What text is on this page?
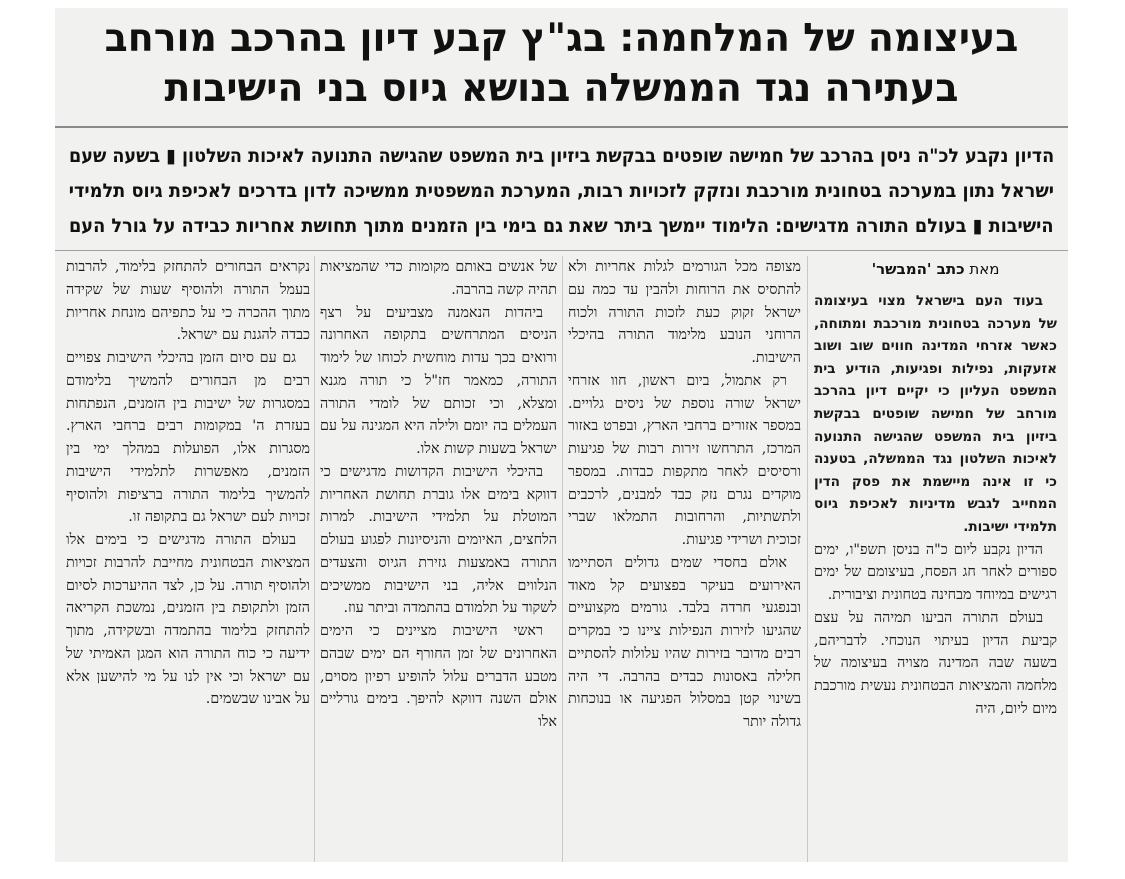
בעיצומה של המלחמה: בג"ץ קבע דיון בהרכב מורחב
בעתירה נגד הממשלה בנושא גיוס בני הישיבות
הדיון נקבע לכ"ה ניסן בהרכב של חמישה שופטים בבקשת ביזיון בית המשפט שהגישה התנועה לאיכות השלטון ▮ בשעה שעם
ישראל נתון במערכה בטחונית מורכבת ונזקק לזכויות רבות, המערכת המשפטית ממשיכה לדון בדרכים לאכיפת גיוס תלמידי
הישיבות ▮ בעולם התורה מדגישים: הלימוד יימשך ביתר שאת גם בימי בין הזמנים מתוך תחושת אחריות כבידה על גורל העם
מאת כתב 'המבשר'

בעוד העם בישראל מצוי בעיצומה של מערכה בטחונית מורכבת ומתוחה, כאשר אזרחי המדינה חווים שוב ושוב אזעקות, נפילות ופגיעות, הודיע בית המשפט העליון כי יקיים דיון בהרכב מורחב של חמישה שופטים בבקשת ביזיון בית המשפט שהגישה התנועה לאיכות השלטון נגד הממשלה, בטענה כי זו אינה מיישמת את פסק הדין המחייב לגבש מדיניות לאכיפת גיוס תלמידי ישיבות.

הדיון נקבע ליום כ"ה בניסן תשפ"ו, ימים ספורים לאחר חג הפסח, בעיצומם של ימים רגישים במיוחד מבחינה בטחונית וציבורית.

בעולם התורה הביעו תמיהה על עצם קביעת הדיון בעיתוי הנוכחי. לדבריהם, בשעה שבה המדינה מצויה בעיצומה של מלחמה והמציאות הבטחונית נעשית מורכבת מיום ליום, היה

מצופה מכל הגורמים לגלות אחריות ולא להתסיס את הרוחות ולהבין עד כמה עם ישראל זקוק כעת לזכות התורה ולכוח הרוחני הנובע מלימוד התורה בהיכלי הישיבות.

רק אתמול, ביום ראשון, חוו אזרחי ישראל שורה נוספת של ניסים גלויים. במספר אזורים ברחבי הארץ, ובפרט באזור המרכז, התרחשו זירות רבות של פגיעות ורסיסים לאחר מתקפות כבדות. במספר מוקדים נגרם נזק כבד למבנים, לרכבים ולתשתיות, והרחובות התמלאו שברי זכוכית ושרידי פגיעות.

אולם בחסדי שמים גדולים הסתיימו האירועים בעיקר בפצועים קל מאוד ובנפגעי חרדה בלבד. גורמים מקצועיים שהגיעו לזירות הנפילות ציינו כי במקרים רבים מדובר בזירות שהיו עלולות להסתיים חלילה באסונות כבדים בהרבה. די היה בשינוי קטן במסלול הפגיעה או בנוכחות גדולה יותר

של אנשים באותם מקומות כדי שהמציאות תהיה קשה בהרבה.

ביהדות הנאמנה מצביעים על רצף הניסים המתרחשים בתקופה האחרונה ורואים בכך עדות מוחשית לכוחו של לימוד התורה, כמאמר חז"ל כי תורה מגנא ומצלא, וכי זכותם של לומדי התורה העמלים בה יומם ולילה היא המגינה על עם ישראל בשעות קשות אלו.

בהיכלי הישיבות הקדושות מדגישים כי דווקא בימים אלו גוברת תחושת האחריות המוטלת על תלמידי הישיבות. למרות הלחצים, האיומים והניסיונות לפגוע בעולם התורה באמצעות גזירת הגיוס והצעדים הנלווים אליה, בני הישיבות ממשיכים לשקוד על תלמודם בהתמדה וביתר עוז.

ראשי הישיבות מציינים כי הימים האחרונים של זמן החורף הם ימים שבהם מטבע הדברים עלול להופיע רפיון מסוים, אולם השנה דווקא להיפך. בימים גורליים אלו

נקראים הבחורים להתחזק בלימוד, להרבות בעמל התורה ולהוסיף שעות של שקידה מתוך ההכרה כי על כתפיהם מונחת אחריות כבדה להגנת עם ישראל.

גם עם סיום הזמן בהיכלי הישיבות צפויים רבים מן הבחורים להמשיך בלימודם במסגרות של ישיבות בין הזמנים, הנפתחות בעזרת ה' במקומות רבים ברחבי הארץ. מסגרות אלו, הפועלות במהלך ימי בין הזמנים, מאפשרות לתלמידי הישיבות להמשיך בלימוד התורה ברציפות ולהוסיף זכויות לעם ישראל גם בתקופה זו.

בעולם התורה מדגישים כי בימים אלו המציאות הבטחונית מחייבת להרבות זכויות ולהוסיף תורה. על כן, לצד ההיערכות לסיום הזמן ולתקופת בין הזמנים, נמשכת הקריאה להתחזק בלימוד בהתמדה ובשקידה, מתוך ידיעה כי כוח התורה הוא המגן האמיתי של עם ישראל וכי אין לנו על מי להישען אלא על אבינו שבשמים.
